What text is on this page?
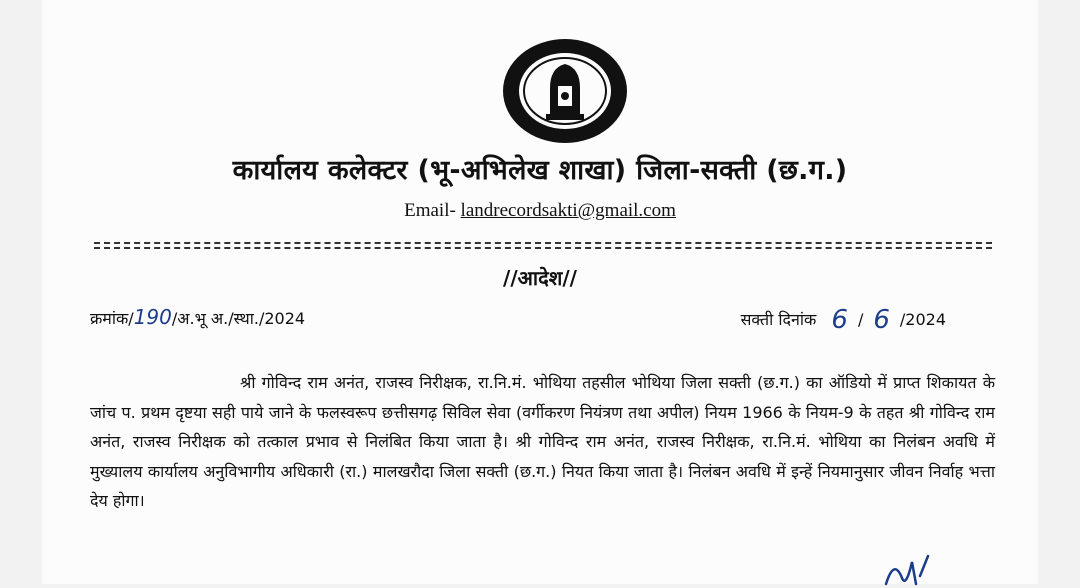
कार्यालय कलेक्टर (भू-अभिलेख शाखा) जिला-सक्ती (छ.ग.)
Email- landrecordsakti@gmail.com
//आदेश//
क्रमांक/190/अ.भू अ./स्था./2024	सक्ती दिनांक 6 / 6 /2024

श्री गोविन्द राम अनंत, राजस्व निरीक्षक, रा.नि.मं. भोथिया तहसील भोथिया जिला सक्ती (छ.ग.) का ऑडियो में प्राप्त शिकायत के जांच प. प्रथम दृष्टया सही पाये जाने के फलस्वरूप छत्तीसगढ़ सिविल सेवा (वर्गीकरण नियंत्रण तथा अपील) नियम 1966 के नियम-9 के तहत श्री गोविन्द राम अनंत, राजस्व निरीक्षक को तत्काल प्रभाव से निलंबित किया जाता है। श्री गोविन्द राम अनंत, राजस्व निरीक्षक, रा.नि.मं. भोथिया का निलंबन अवधि में मुख्यालय कार्यालय अनुविभागीय अधिकारी (रा.) मालखरौदा जिला सक्ती (छ.ग.) नियत किया जाता है। निलंबन अवधि में इन्हें नियमानुसार जीवन निर्वाह भत्ता देय होगा।
